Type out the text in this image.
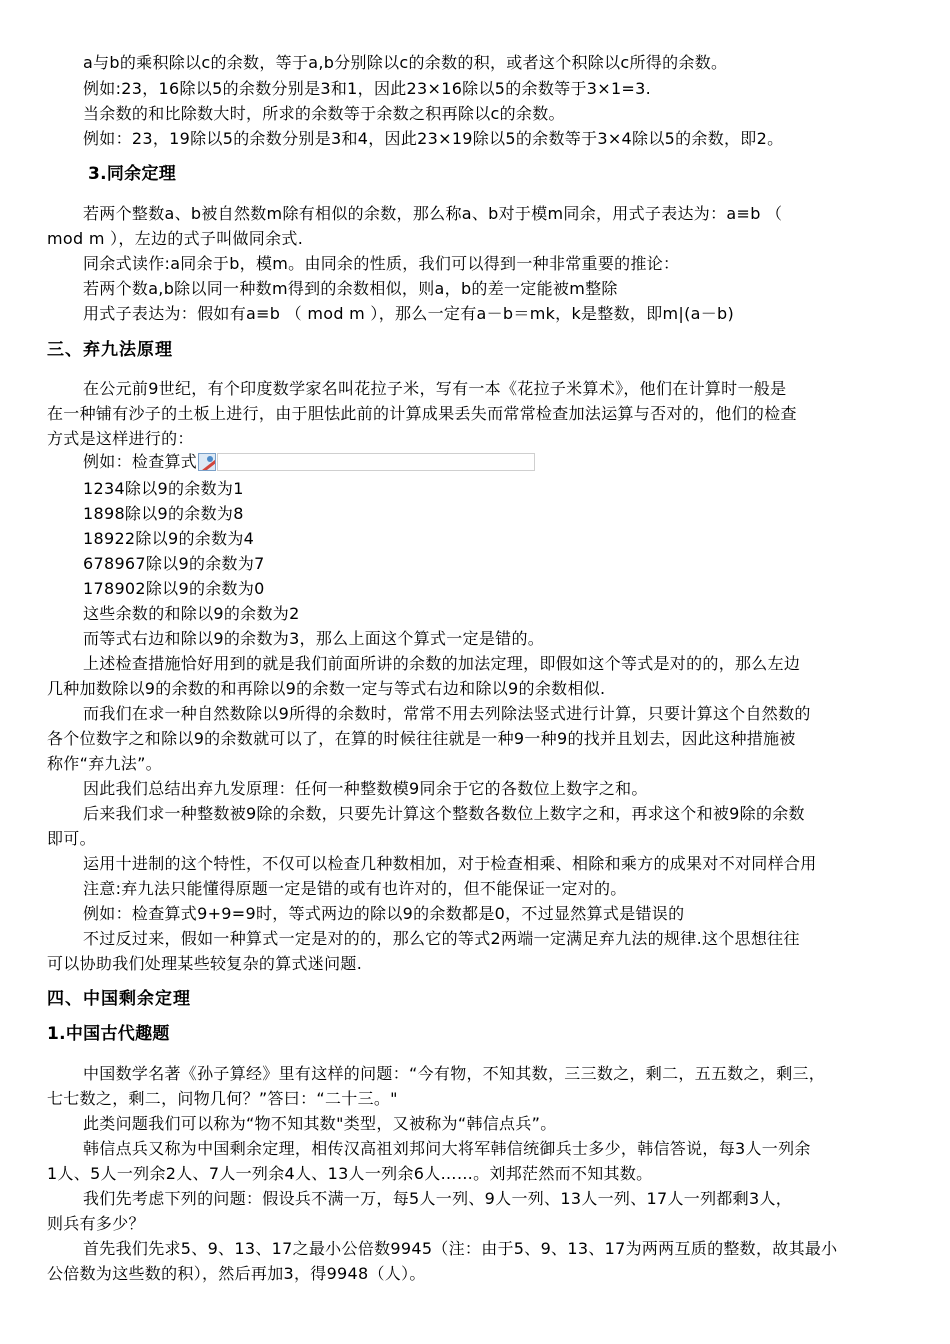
a与b的乘积除以c的余数，等于a,b分别除以c的余数的积，或者这个积除以c所得的余数。
例如:23，16除以5的余数分别是3和1，因此23×16除以5的余数等于3×1=3.
当余数的和比除数大时，所求的余数等于余数之积再除以c的余数。
例如：23，19除以5的余数分别是3和4，因此23×19除以5的余数等于3×4除以5的余数，即2。
3.同余定理
若两个整数a、b被自然数m除有相似的余数，那么称a、b对于模m同余，用式子表达为：a≡b （
mod m ），左边的式子叫做同余式.
同余式读作:a同余于b，模m。由同余的性质，我们可以得到一种非常重要的推论：
若两个数a,b除以同一种数m得到的余数相似，则a，b的差一定能被m整除
用式子表达为：假如有a≡b （ mod m ），那么一定有a－b＝mk，k是整数，即m|(a－b)
三、弃九法原理
在公元前9世纪，有个印度数学家名叫花拉子米，写有一本《花拉子米算术》，他们在计算时一般是
在一种铺有沙子的土板上进行，由于胆怯此前的计算成果丢失而常常检查加法运算与否对的，他们的检查
方式是这样进行的：
例如：检查算式
1234除以9的余数为1
1898除以9的余数为8
18922除以9的余数为4
678967除以9的余数为7
178902除以9的余数为0
这些余数的和除以9的余数为2
而等式右边和除以9的余数为3，那么上面这个算式一定是错的。
上述检查措施恰好用到的就是我们前面所讲的余数的加法定理，即假如这个等式是对的的，那么左边
几种加数除以9的余数的和再除以9的余数一定与等式右边和除以9的余数相似.
而我们在求一种自然数除以9所得的余数时，常常不用去列除法竖式进行计算，只要计算这个自然数的
各个位数字之和除以9的余数就可以了，在算的时候往往就是一种9一种9的找并且划去，因此这种措施被
称作“弃九法”。
因此我们总结出弃九发原理：任何一种整数模9同余于它的各数位上数字之和。
后来我们求一种整数被9除的余数，只要先计算这个整数各数位上数字之和，再求这个和被9除的余数
即可。
运用十进制的这个特性，不仅可以检查几种数相加，对于检查相乘、相除和乘方的成果对不对同样合用
注意:弃九法只能懂得原题一定是错的或有也许对的，但不能保证一定对的。
例如：检查算式9+9=9时，等式两边的除以9的余数都是0，不过显然算式是错误的
不过反过来，假如一种算式一定是对的的，那么它的等式2两端一定满足弃九法的规律.这个思想往往
可以协助我们处理某些较复杂的算式迷问题.
四、中国剩余定理
1.中国古代趣题
中国数学名著《孙子算经》里有这样的问题：“今有物，不知其数，三三数之，剩二，五五数之，剩三，
七七数之，剩二，问物几何？”答曰：“二十三。"
此类问题我们可以称为“物不知其数"类型，又被称为“韩信点兵”。
韩信点兵又称为中国剩余定理，相传汉高祖刘邦问大将军韩信统御兵士多少，韩信答说，每3人一列余
1人、5人一列余2人、7人一列余4人、13人一列余6人……。刘邦茫然而不知其数。
我们先考虑下列的问题：假设兵不满一万，每5人一列、9人一列、13人一列、17人一列都剩3人，
则兵有多少？
首先我们先求5、9、13、17之最小公倍数9945（注：由于5、9、13、17为两两互质的整数，故其最小
公倍数为这些数的积），然后再加3，得9948（人）。
